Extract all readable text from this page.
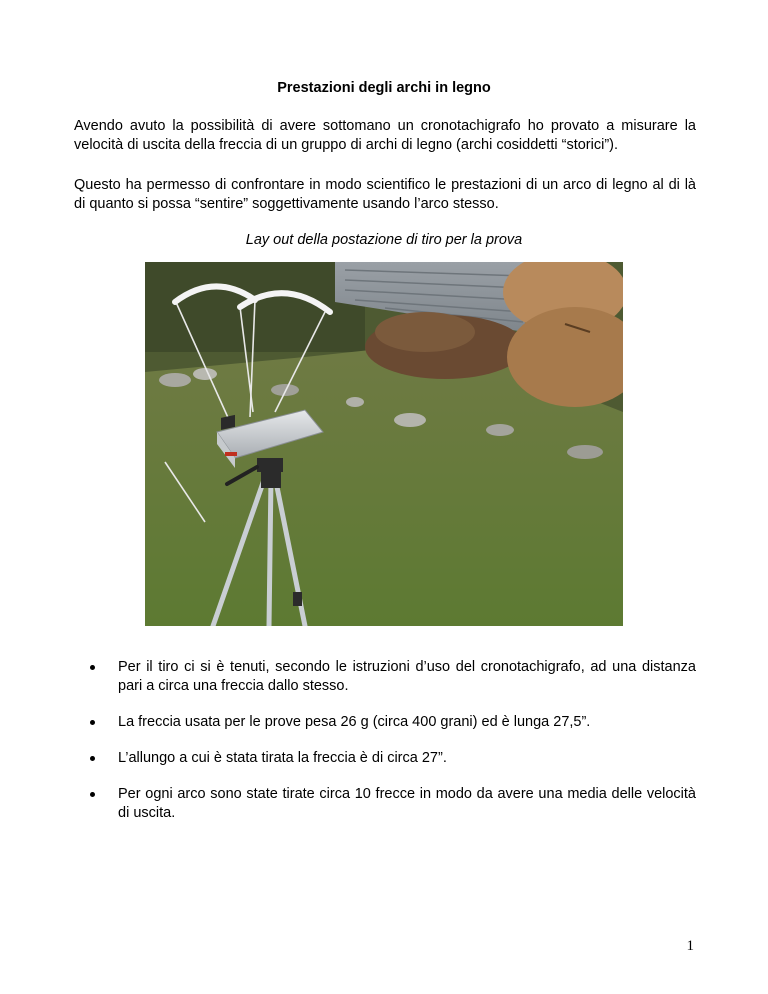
Prestazioni degli archi in legno
Avendo avuto la possibilità di avere sottomano un cronotachigrafo ho provato a misurare la velocità di uscita della freccia di un gruppo di archi di legno (archi cosiddetti “storici”).
Questo ha permesso di confrontare in modo scientifico le prestazioni di un arco di legno al di là di quanto si possa “sentire” soggettivamente usando l’arco stesso.
Lay out della postazione di tiro per la prova
Per il tiro ci si è tenuti, secondo le istruzioni d’uso del cronotachigrafo, ad una distanza pari a circa una freccia dallo stesso.
La freccia usata per le prove pesa 26 g (circa 400 grani) ed è lunga 27,5”.
L’allungo a cui è stata tirata la freccia è di circa 27”.
Per ogni arco sono state tirate circa 10 frecce in modo da avere una media delle velocità di uscita.
1
